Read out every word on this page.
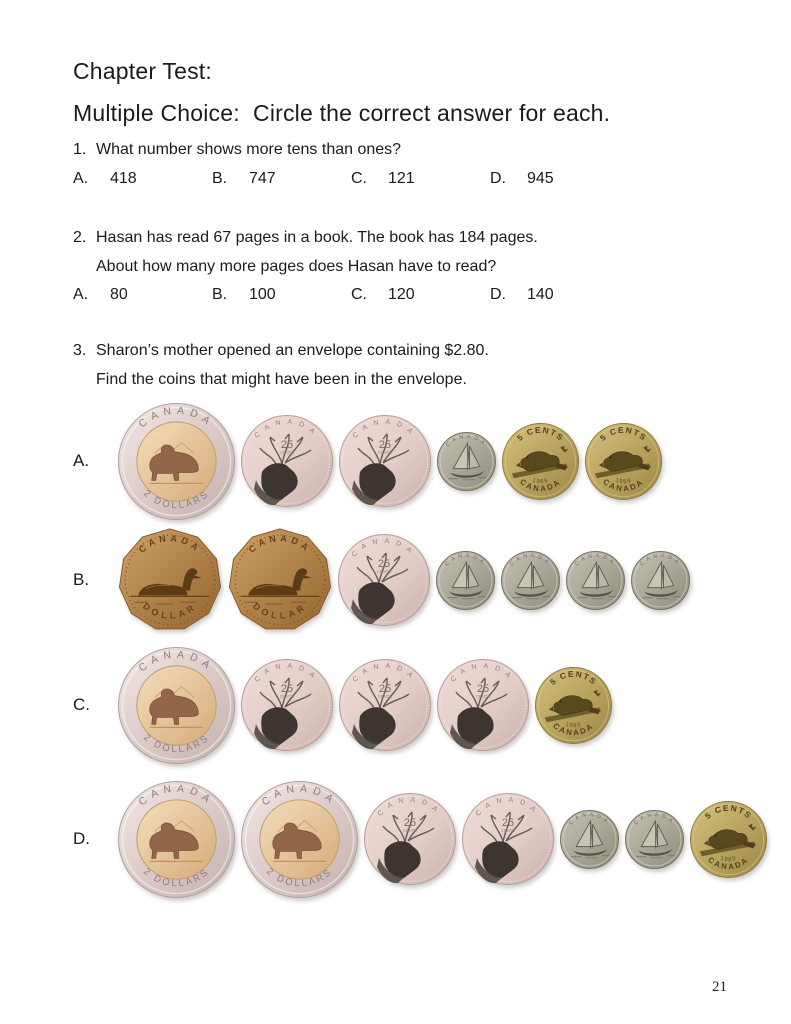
Chapter Test:
Multiple Choice:  Circle the correct answer for each.
1. What number shows more tens than ones?
A.	418	B.	747	C.	121	D.	945
2. Hasan has read 67 pages in a book. The book has 184 pages.
About how many more pages does Hasan have to read?
A.	80	B.	100	C.	120	D.	140
3. Sharon’s mother opened an envelope containing $2.80.
Find the coins that might have been in the envelope.
A.
B.
C.
D.
21
